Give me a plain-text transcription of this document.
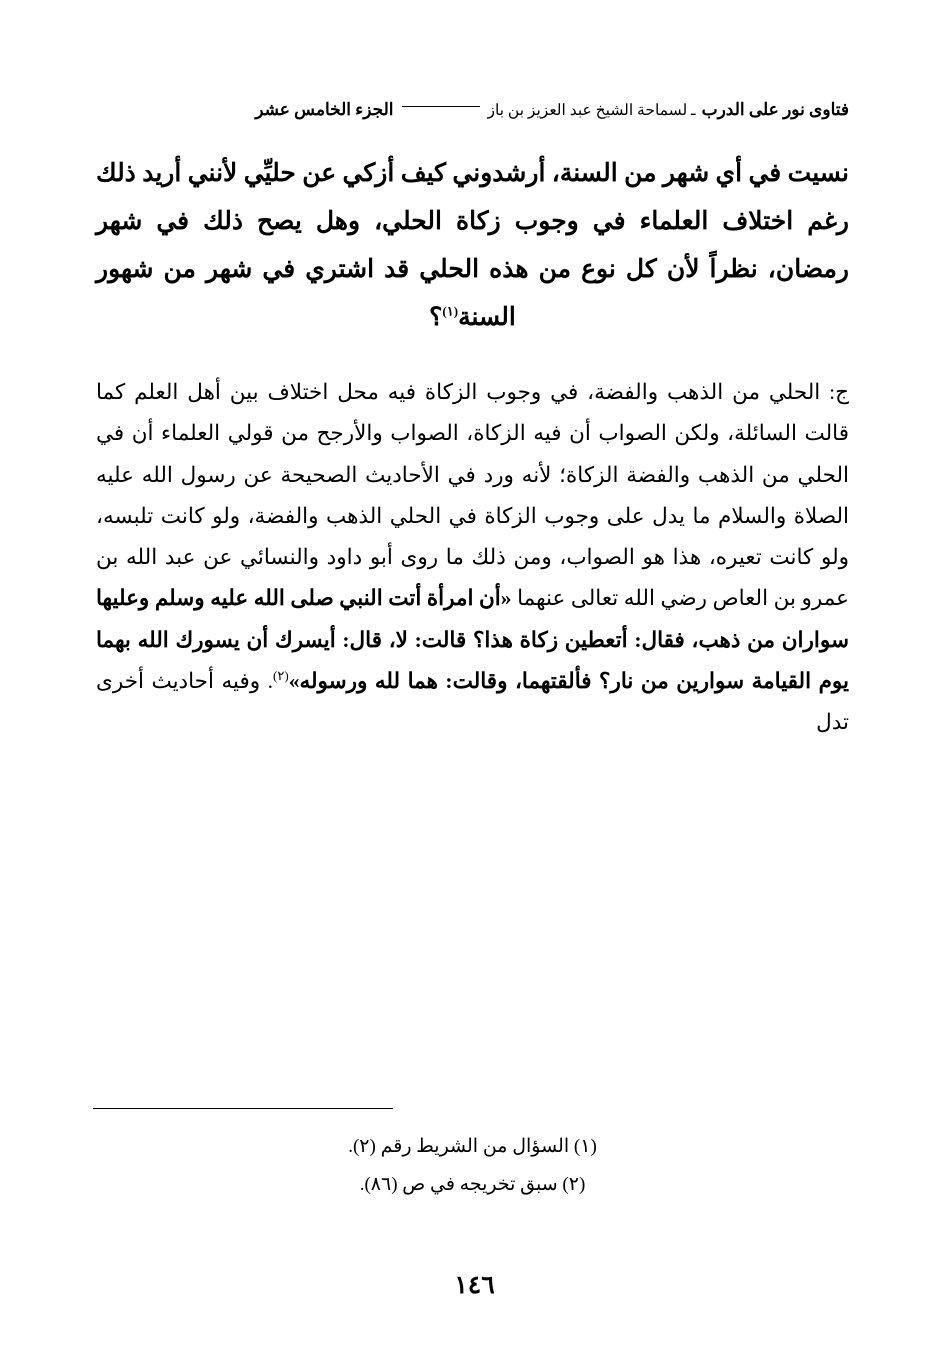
فتاوى نور على الدرب
ـ لسماحة الشيخ عبد العزيز بن باز
الجزء الخامس عشر
نسيت في أي شهر من السنة، أرشدوني كيف أزكي عن حليِّي لأنني أريد ذلك رغم اختلاف العلماء في وجوب زكاة الحلي، وهل يصح ذلك في شهر رمضان، نظراً لأن كل نوع من هذه الحلي قد اشتري في شهر من شهور السنة$^{(١)}$؟

ج: الحلي من الذهب والفضة، في وجوب الزكاة فيه محل اختلاف بين أهل العلم كما قالت السائلة، ولكن الصواب أن فيه الزكاة، الصواب والأرجح من قولي العلماء أن في الحلي من الذهب والفضة الزكاة؛ لأنه ورد في الأحاديث الصحيحة عن رسول الله عليه الصلاة والسلام ما يدل على وجوب الزكاة في الحلي الذهب والفضة، ولو كانت تلبسه، ولو كانت تعيره، هذا هو الصواب، ومن ذلك ما روى أبو داود والنسائي عن عبد الله بن عمرو بن العاص رضي الله تعالى عنهما «أن امرأة أتت النبي صلى الله عليه وسلم وعليها سواران من ذهب، فقال: أتعطين زكاة هذا؟ قالت: لا، قال: أيسرك أن يسورك الله بهما يوم القيامة سوارين من نار؟ فألقتهما، وقالت: هما لله ورسوله»$^{(٢)}$. وفيه أحاديث أخرى تدل

(١) السؤال من الشريط رقم (٢).
(٢) سبق تخريجه في ص (٨٦).
١٤٦
